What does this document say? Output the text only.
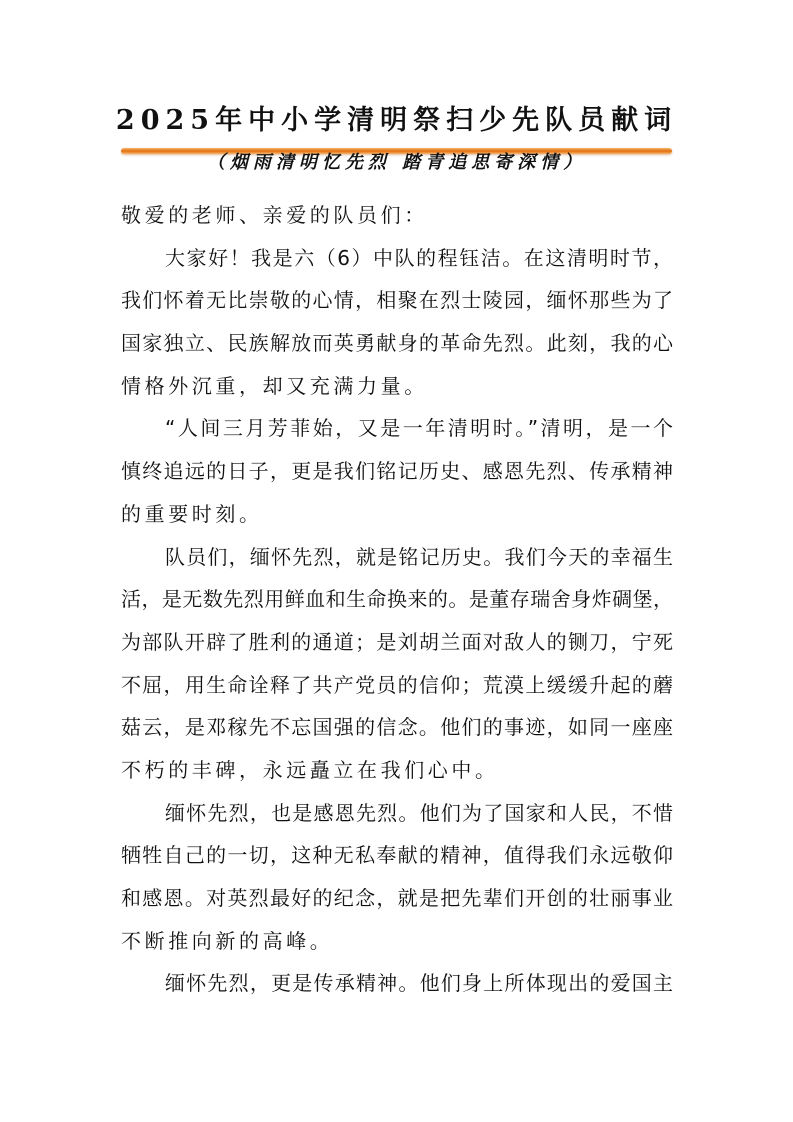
2025年中小学清明祭扫少先队员献词
（烟雨清明忆先烈 踏青追思寄深情）
敬爱的老师、亲爱的队员们：
大家好！我是六（6）中队的程钰洁。在这清明时节，
我们怀着无比崇敬的心情，相聚在烈士陵园，缅怀那些为了
国家独立、民族解放而英勇献身的革命先烈。此刻，我的心
情格外沉重，却又充满力量。
“人间三月芳菲始，又是一年清明时。”清明，是一个
慎终追远的日子，更是我们铭记历史、感恩先烈、传承精神
的重要时刻。
队员们，缅怀先烈，就是铭记历史。我们今天的幸福生
活，是无数先烈用鲜血和生命换来的。是董存瑞舍身炸碉堡，
为部队开辟了胜利的通道；是刘胡兰面对敌人的铡刀，宁死
不屈，用生命诠释了共产党员的信仰；荒漠上缓缓升起的蘑
菇云，是邓稼先不忘国强的信念。他们的事迹，如同一座座
不朽的丰碑，永远矗立在我们心中。
缅怀先烈，也是感恩先烈。他们为了国家和人民，不惜
牺牲自己的一切，这种无私奉献的精神，值得我们永远敬仰
和感恩。对英烈最好的纪念，就是把先辈们开创的壮丽事业
不断推向新的高峰。
缅怀先烈，更是传承精神。他们身上所体现出的爱国主
